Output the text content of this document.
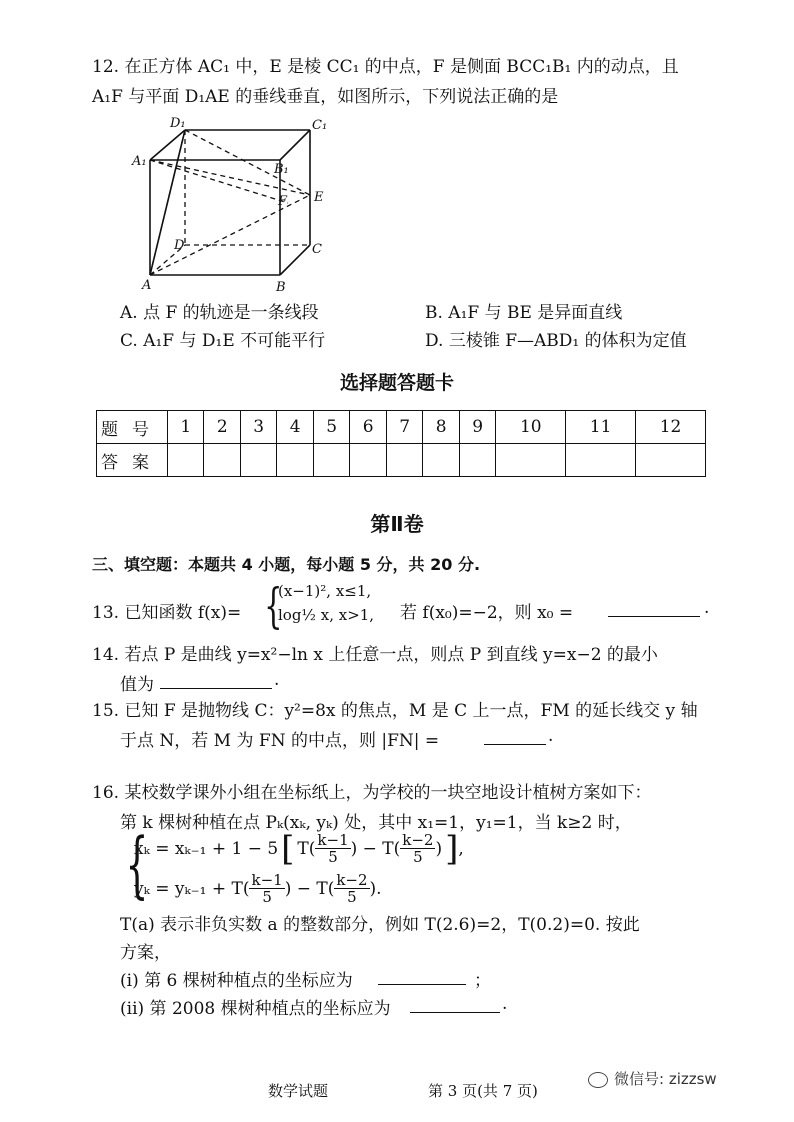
12. 在正方体 AC₁ 中，E 是棱 CC₁ 的中点，F 是侧面 BCC₁B₁ 内的动点，且
A₁F 与平面 D₁AE 的垂线垂直，如图所示，下列说法正确的是
D₁	C₁
A₁
B₁
E
F
D	C
A	B
A. 点 F 的轨迹是一条线段	B. A₁F 与 BE 是异面直线
C. A₁F 与 D₁E 不可能平行	D. 三棱锥 F—ABD₁ 的体积为定值
选择题答题卡
题号	1	2	3	4	5	6	7	8	9	10	11	12
答案												
第Ⅱ卷
三、填空题：本题共 4 小题，每小题 5 分，共 20 分.
13. 已知函数 f(x)= {
(x−1)², x≤1,
log½ x, x>1, 若 f(x₀)=−2，则 x₀ =	.
14. 若点 P 是曲线 y=x²−ln x 上任意一点，则点 P 到直线 y=x−2 的最小
值为	.
15. 已知 F 是抛物线 C：y²=8x 的焦点，M 是 C 上一点，FM 的延长线交 y 轴
于点 N，若 M 为 FN 的中点，则 |FN| =	.
16. 某校数学课外小组在坐标纸上，为学校的一块空地设计植树方案如下：
第 k 棵树种植在点 Pₖ(xₖ, yₖ) 处，其中 x₁=1，y₁=1，当 k≥2 时，
{
xₖ = xₖ₋₁ + 1 − 5 [ $T( \frac{k-1}{5}$ ) − $T( \frac{k-2}{5}$ ) ] ,
$y_k = y_{k-1} + T( \frac{k-1}{5}$ ) − $T( \frac{k-2}{5}$ ).
T(a) 表示非负实数 a 的整数部分，例如 T(2.6)=2，T(0.2)=0. 按此
方案，
(i) 第 6 棵树种植点的坐标应为	；
(ii) 第 2008 棵树种植点的坐标应为	.
数学试题	第 3 页(共 7 页)
微信号: zizzsw
